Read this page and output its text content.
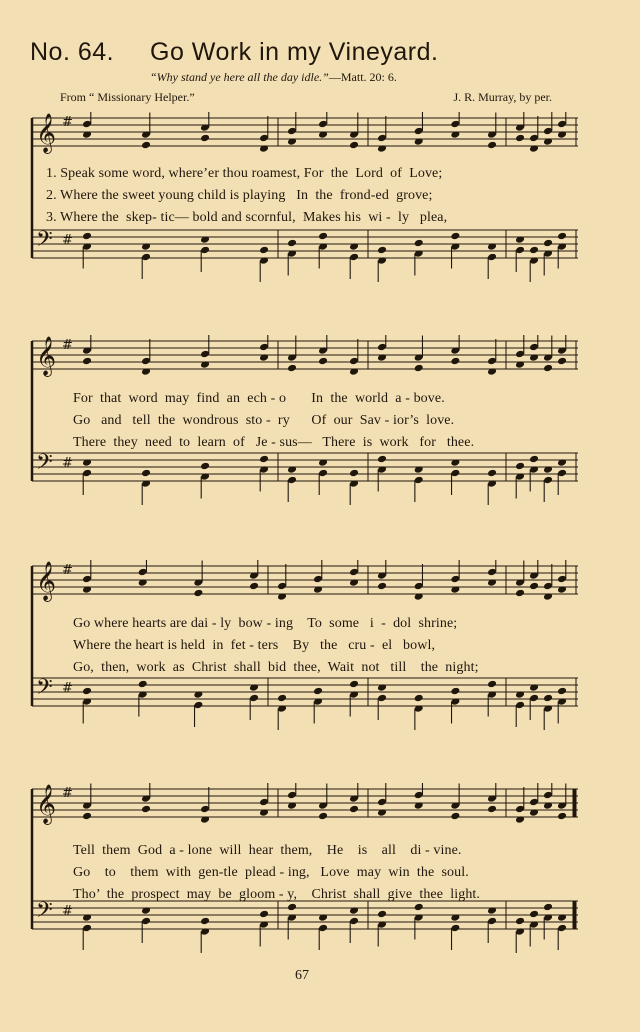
No. 64. Go Work in my Vineyard.
“Why stand ye here all the day idle.”—Matt. 20: 6.
From “ Missionary Helper.”	J. R. Murray, by per.
𝄞 #
𝄢 #
1. Speak some word, where’er thou roamest, For  the  Lord  of  Love;
2. Where the sweet young child is playing   In  the  frond-ed  grove;
3. Where the  skep- tic— bold and scornful,  Makes his  wi -  ly   plea,
𝄞 #
𝄢 #
For  that  word  may  find  an  ech - o       In  the  world  a - bove.
Go   and   tell  the  wondrous  sto -  ry      Of  our  Sav - ior’s  love.
There  they  need  to  learn  of   Je - sus—   There  is  work   for   thee.
𝄞 #
𝄢 #
Go where hearts are dai - ly  bow - ing    To  some   i  -  dol  shrine;
Where the heart is held  in  fet - ters    By   the   cru -  el   bowl,
Go,  then,  work  as  Christ  shall  bid  thee,  Wait  not   till    the  night;
𝄞 #
𝄢 #
Tell  them  God  a - lone  will  hear  them,    He    is    all    di - vine.
Go    to    them  with  gen-tle  plead - ing,   Love  may  win  the  soul.
Tho’  the  prospect  may  be  gloom - y,    Christ  shall  give  thee  light.
67
